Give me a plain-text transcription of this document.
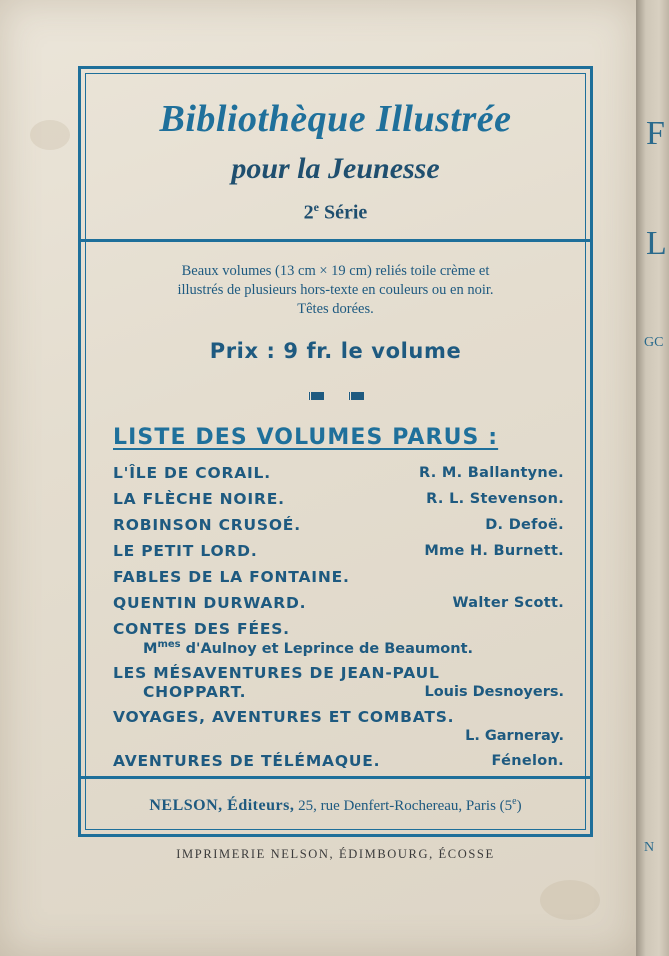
Bibliothèque Illustrée
pour la Jeunesse
2e Série
Beaux volumes (13 cm × 19 cm) reliés toile crème et
illustrés de plusieurs hors-texte en couleurs ou en noir.
Têtes dorées.
Prix : 9 fr. le volume
LISTE DES VOLUMES PARUS :
L'ÎLE DE CORAIL.	R. M. Ballantyne.
LA FLÈCHE NOIRE.	R. L. Stevenson.
ROBINSON CRUSOÉ.	D. Defoë.
LE PETIT LORD.	Mme H. Burnett.
FABLES DE LA FONTAINE.
QUENTIN DURWARD.	Walter Scott.
CONTES DES FÉES.
$M^{mes}$ d'Aulnoy et Leprince de Beaumont.
LES MÉSAVENTURES DE JEAN-PAUL
CHOPPART.	Louis Desnoyers.
VOYAGES, AVENTURES ET COMBATS.
L. Garneray.
AVENTURES DE TÉLÉMAQUE.	Fénelon.
NELSON, Éditeurs, 25, rue Denfert-Rochereau, Paris (5e)
IMPRIMERIE NELSON, ÉDIMBOURG, ÉCOSSE
F
L
GC
N
